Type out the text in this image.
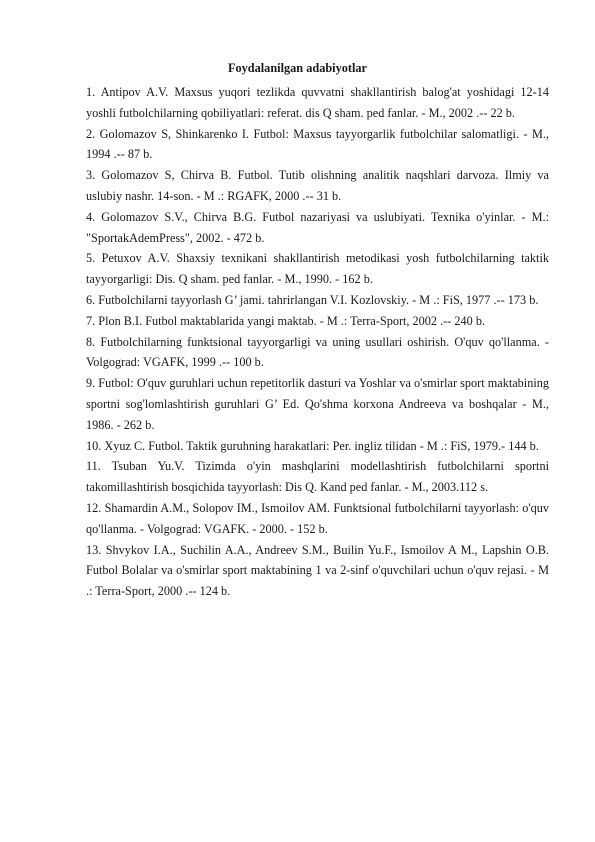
Foydalanilgan adabiyotlar

1. Antipov A.V. Maxsus yuqori tezlikda quvvatni shakllantirish balog'at yoshidagi 12-14 yoshli futbolchilarning qobiliyatlari: referat. dis Q sham. ped fanlar. - M., 2002 .-- 22 b.

2. Golomazov S, Shinkarenko I. Futbol: Maxsus tayyorgarlik futbolchilar salomatligi. - M., 1994 .-- 87 b.

3. Golomazov S, Chirva B. Futbol. Tutib olishning analitik naqshlari darvoza. Ilmiy va uslubiy nashr. 14-son. - M .: RGAFK, 2000 .-- 31 b.

4. Golomazov S.V., Chirva B.G. Futbol nazariyasi va uslubiyati. Texnika o'yinlar. - M.: "SportakAdemPress", 2002. - 472 b.

5. Petuxov A.V. Shaxsiy texnikani shakllantirish metodikasi yosh futbolchilarning taktik tayyorgarligi: Dis. Q sham. ped fanlar. - M., 1990. - 162 b.

6. Futbolchilarni tayyorlash G’ jami. tahrirlangan V.I. Kozlovskiy. - M .: FiS, 1977 .-- 173 b.

7. Plon B.I. Futbol maktablarida yangi maktab. - M .: Terra-Sport, 2002 .-- 240 b.

8. Futbolchilarning funktsional tayyorgarligi va uning usullari oshirish. O'quv qo'llanma. - Volgograd: VGAFK, 1999 .-- 100 b.

9. Futbol: O'quv guruhlari uchun repetitorlik dasturi va Yoshlar va o'smirlar sport maktabining sportni sog'lomlashtirish guruhlari G’ Ed. Qo'shma korxona Andreeva va boshqalar - M., 1986. - 262 b.

10. Xyuz C. Futbol. Taktik guruhning harakatlari: Per. ingliz tilidan - M .: FiS, 1979.- 144 b.

11. Tsuban Yu.V. Tizimda o'yin mashqlarini modellashtirish futbolchilarni sportni takomillashtirish bosqichida tayyorlash: Dis Q. Kand ped fanlar. - M., 2003.112 s.

12. Shamardin A.M., Solopov IM., Ismoilov AM. Funktsional futbolchilarni tayyorlash: o'quv qo'llanma. - Volgograd: VGAFK. - 2000. - 152 b.

13. Shvykov I.A., Suchilin A.A., Andreev S.M., Builin Yu.F., Ismoilov A M., Lapshin O.B. Futbol Bolalar va o'smirlar sport maktabining 1 va 2-sinf o'quvchilari uchun o'quv rejasi. - M .: Terra-Sport, 2000 .-- 124 b.
